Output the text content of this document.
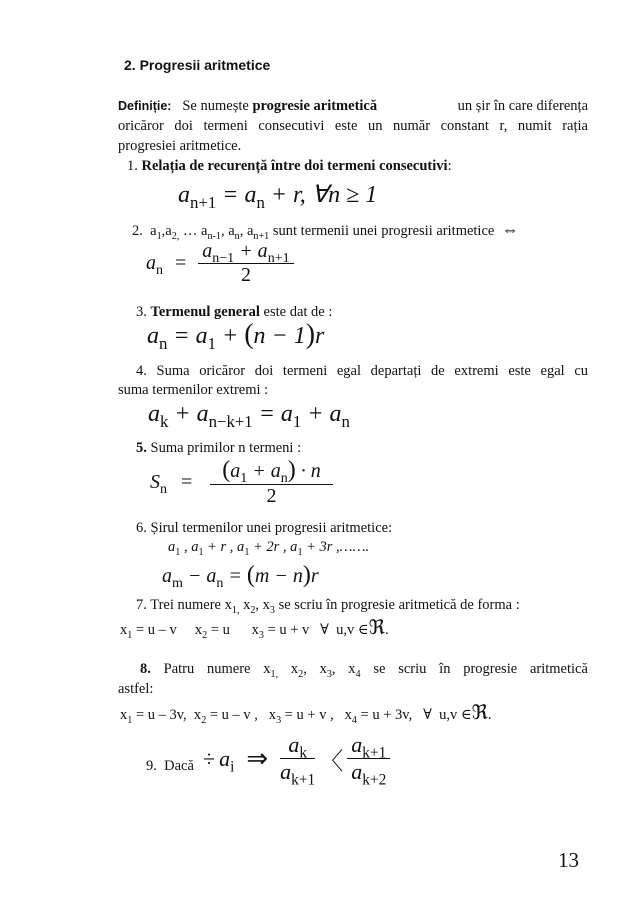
2. Progresii aritmetice
Definiție: Se numește progresie aritmetică	un șir în care diferența
oricăror doi termeni consecutivi este un număr constant r, numit rația
progresiei aritmetice.
1. Relația de recurență între doi termeni consecutivi:
$a_{n+1} = a_n + r$, ∀n ≥ 1
2.  $a_1,a_{2,}$ … $a_{n-1}$, $a_n$, $a_{n+1}$ sunt termenii unei progresii aritmetice ⇔
$a_n = \frac{a_{n-1} + a_{n+1}}{2}$
3. Termenul general este dat de :
$a_n = a_1 + (n - 1)r$
4. Suma oricăror doi termeni egal departați de extremi este egal cu
suma termenilor extremi :
$a_k + a_{n-k+1} = a_1 + a_n$
5. Suma primilor n termeni :
$S_n = \frac{(a_1 + a_n) \cdot n}{2}$
6. Șirul termenilor unei progresii aritmetice:
$a_1$ , $a_1 + r$ , $a_1 + 2r$ , $a_1 + 3r$ ,…….
$a_m - a_n = (m - n)r$
7. Trei numere $x_{1,}$ $x_2$, $x_3$ se scriu în progresie aritmetică de forma :
$x_1 = u - v$     $x_2 = u$      $x_3 = u + v$   ∀  u,v ∈ℜ.
8. Patru numere $x_{1,}$ $x_2$, $x_3$, $x_4$ se scriu în progresie aritmetică
astfel:
$x_1 = u - 3v$,  $x_2 = u - v$ ,   $x_3 = u + v$ ,   $x_4 = u + 3v$,   ∀  u,v ∈ℜ.
9.  Dacă ÷ $a_i$ ⇒ $\frac{a_k}{a_{k+1}}$ 〈 $\frac{a_{k+1}}{a_{k+2}}$
13
